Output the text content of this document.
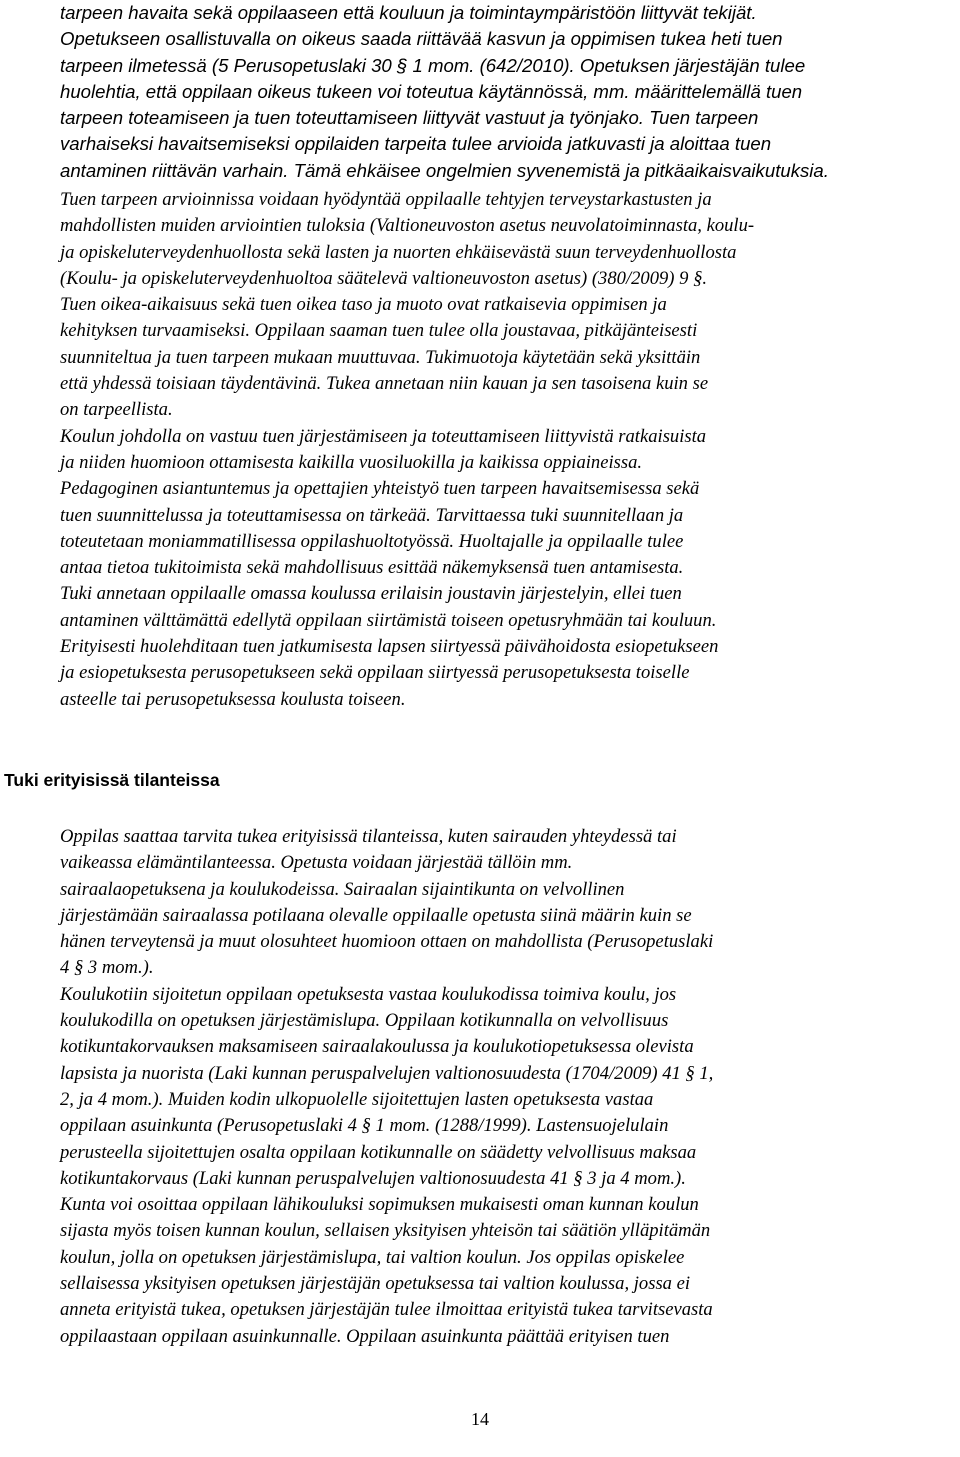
tarpeen havaita sekä oppilaaseen että kouluun ja toimintaympäristöön liittyvät tekijät.
Opetukseen osallistuvalla on oikeus saada riittävää kasvun ja oppimisen tukea heti tuen
tarpeen ilmetessä (5 Perusopetuslaki 30 § 1 mom. (642/2010). Opetuksen järjestäjän tulee
huolehtia, että oppilaan oikeus tukeen voi toteutua käytännössä, mm. määrittelemällä tuen
tarpeen toteamiseen ja tuen toteuttamiseen liittyvät vastuut ja työnjako. Tuen tarpeen
varhaiseksi havaitsemiseksi oppilaiden tarpeita tulee arvioida jatkuvasti ja aloittaa tuen
antaminen riittävän varhain. Tämä ehkäisee ongelmien syvenemistä ja pitkäaikaisvaikutuksia.
Tuen tarpeen arvioinnissa voidaan hyödyntää oppilaalle tehtyjen terveystarkastusten ja
mahdollisten muiden arviointien tuloksia (Valtioneuvoston asetus neuvolatoiminnasta, koulu-
ja opiskeluterveydenhuollosta sekä lasten ja nuorten ehkäisevästä suun terveydenhuollosta
(Koulu- ja opiskeluterveydenhuoltoa säätelevä valtioneuvoston asetus) (380/2009) 9 §.
Tuen oikea-aikaisuus sekä tuen oikea taso ja muoto ovat ratkaisevia oppimisen ja
kehityksen turvaamiseksi. Oppilaan saaman tuen tulee olla joustavaa, pitkäjänteisesti
suunniteltua ja tuen tarpeen mukaan muuttuvaa. Tukimuotoja käytetään sekä yksittäin
että yhdessä toisiaan täydentävinä. Tukea annetaan niin kauan ja sen tasoisena kuin se
on tarpeellista.
Koulun johdolla on vastuu tuen järjestämiseen ja toteuttamiseen liittyvistä ratkaisuista
ja niiden huomioon ottamisesta kaikilla vuosiluokilla ja kaikissa oppiaineissa.
Pedagoginen asiantuntemus ja opettajien yhteistyö tuen tarpeen havaitsemisessa sekä
tuen suunnittelussa ja toteuttamisessa on tärkeää. Tarvittaessa tuki suunnitellaan ja
toteutetaan moniammatillisessa oppilashuoltotyössä. Huoltajalle ja oppilaalle tulee
antaa tietoa tukitoimista sekä mahdollisuus esittää näkemyksensä tuen antamisesta.
Tuki annetaan oppilaalle omassa koulussa erilaisin joustavin järjestelyin, ellei tuen
antaminen välttämättä edellytä oppilaan siirtämistä toiseen opetusryhmään tai kouluun.
Erityisesti huolehditaan tuen jatkumisesta lapsen siirtyessä päivähoidosta esiopetukseen
ja esiopetuksesta perusopetukseen sekä oppilaan siirtyessä perusopetuksesta toiselle
asteelle tai perusopetuksessa koulusta toiseen.
Tuki erityisissä tilanteissa
Oppilas saattaa tarvita tukea erityisissä tilanteissa, kuten sairauden yhteydessä tai
vaikeassa elämäntilanteessa. Opetusta voidaan järjestää tällöin mm.
sairaalaopetuksena ja koulukodeissa. Sairaalan sijaintikunta on velvollinen
järjestämään sairaalassa potilaana olevalle oppilaalle opetusta siinä määrin kuin se
hänen terveytensä ja muut olosuhteet huomioon ottaen on mahdollista (Perusopetuslaki
4 § 3 mom.).
Koulukotiin sijoitetun oppilaan opetuksesta vastaa koulukodissa toimiva koulu, jos
koulukodilla on opetuksen järjestämislupa. Oppilaan kotikunnalla on velvollisuus
kotikuntakorvauksen maksamiseen sairaalakoulussa ja koulukotiopetuksessa olevista
lapsista ja nuorista (Laki kunnan peruspalvelujen valtionosuudesta (1704/2009) 41 § 1,
2, ja 4 mom.). Muiden kodin ulkopuolelle sijoitettujen lasten opetuksesta vastaa
oppilaan asuinkunta (Perusopetuslaki 4 § 1 mom. (1288/1999). Lastensuojelulain
perusteella sijoitettujen osalta oppilaan kotikunnalle on säädetty velvollisuus maksaa
kotikuntakorvaus (Laki kunnan peruspalvelujen valtionosuudesta 41 § 3 ja 4 mom.).
Kunta voi osoittaa oppilaan lähikouluksi sopimuksen mukaisesti oman kunnan koulun
sijasta myös toisen kunnan koulun, sellaisen yksityisen yhteisön tai säätiön ylläpitämän
koulun, jolla on opetuksen järjestämislupa, tai valtion koulun. Jos oppilas opiskelee
sellaisessa yksityisen opetuksen järjestäjän opetuksessa tai valtion koulussa, jossa ei
anneta erityistä tukea, opetuksen järjestäjän tulee ilmoittaa erityistä tukea tarvitsevasta
oppilaastaan oppilaan asuinkunnalle. Oppilaan asuinkunta päättää erityisen tuen
14
